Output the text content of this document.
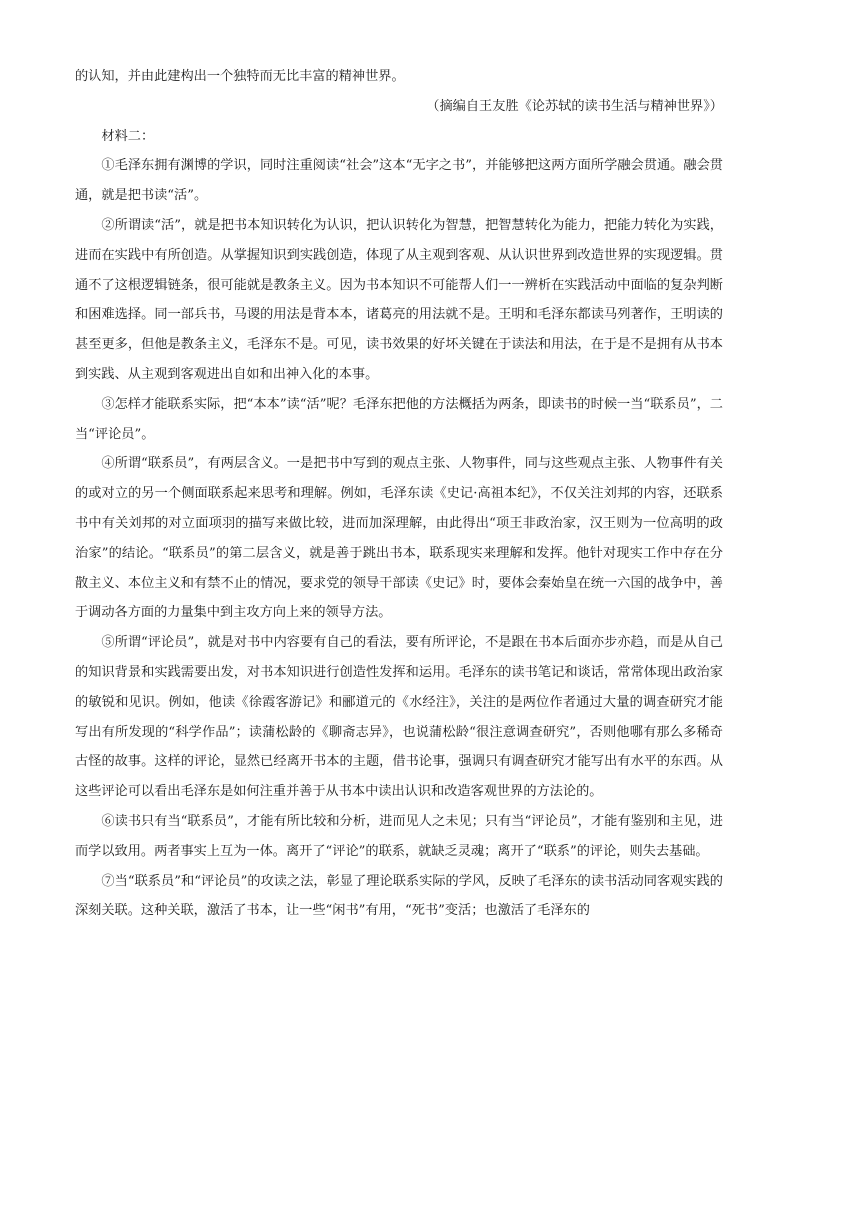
的认知，并由此建构出一个独特而无比丰富的精神世界。

（摘编自王友胜《论苏轼的读书生活与精神世界》）

材料二：

①毛泽东拥有渊博的学识，同时注重阅读“社会”这本“无字之书”，并能够把这两方面所学融会贯通。融会贯通，就是把书读“活”。

②所谓读“活”，就是把书本知识转化为认识，把认识转化为智慧，把智慧转化为能力，把能力转化为实践，进而在实践中有所创造。从掌握知识到实践创造，体现了从主观到客观、从认识世界到改造世界的实现逻辑。贯通不了这根逻辑链条，很可能就是教条主义。因为书本知识不可能帮人们一一辨析在实践活动中面临的复杂判断和困难选择。同一部兵书，马谡的用法是背本本，诸葛亮的用法就不是。王明和毛泽东都读马列著作，王明读的甚至更多，但他是教条主义，毛泽东不是。可见，读书效果的好坏关键在于读法和用法，在于是不是拥有从书本到实践、从主观到客观进出自如和出神入化的本事。

③怎样才能联系实际，把“本本”读“活”呢？毛泽东把他的方法概括为两条，即读书的时候一当“联系员”，二当“评论员”。

④所谓“联系员”，有两层含义。一是把书中写到的观点主张、人物事件，同与这些观点主张、人物事件有关的或对立的另一个侧面联系起来思考和理解。例如，毛泽东读《史记·高祖本纪》，不仅关注刘邦的内容，还联系书中有关刘邦的对立面项羽的描写来做比较，进而加深理解，由此得出“项王非政治家，汉王则为一位高明的政治家”的结论。“联系员”的第二层含义，就是善于跳出书本，联系现实来理解和发挥。他针对现实工作中存在分散主义、本位主义和有禁不止的情况，要求党的领导干部读《史记》时，要体会秦始皇在统一六国的战争中，善于调动各方面的力量集中到主攻方向上来的领导方法。

⑤所谓“评论员”，就是对书中内容要有自己的看法，要有所评论，不是跟在书本后面亦步亦趋，而是从自己的知识背景和实践需要出发，对书本知识进行创造性发挥和运用。毛泽东的读书笔记和谈话，常常体现出政治家的敏锐和见识。例如，他读《徐霞客游记》和郦道元的《水经注》，关注的是两位作者通过大量的调查研究才能写出有所发现的“科学作品”；读蒲松龄的《聊斋志异》，也说蒲松龄“很注意调查研究”，否则他哪有那么多稀奇古怪的故事。这样的评论，显然已经离开书本的主题，借书论事，强调只有调查研究才能写出有水平的东西。从这些评论可以看出毛泽东是如何注重并善于从书本中读出认识和改造客观世界的方法论的。

⑥读书只有当“联系员”，才能有所比较和分析，进而见人之未见；只有当“评论员”，才能有鉴别和主见，进而学以致用。两者事实上互为一体。离开了“评论”的联系，就缺乏灵魂；离开了“联系”的评论，则失去基础。

⑦当“联系员”和“评论员”的攻读之法，彰显了理论联系实际的学风，反映了毛泽东的读书活动同客观实践的深刻关联。这种关联，激活了书本，让一些“闲书”有用，“死书”变活；也激活了毛泽东的
